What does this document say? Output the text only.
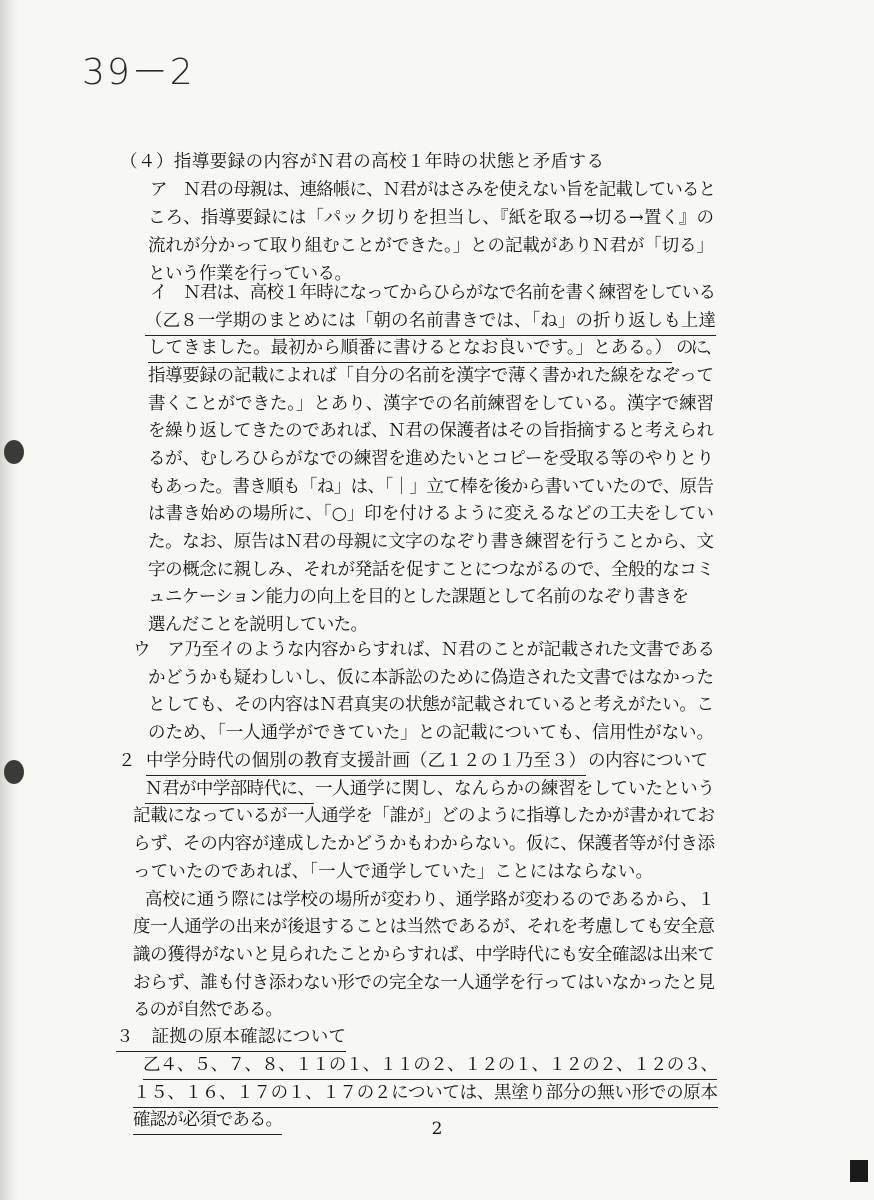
39－2

（４）指導要録の内容がＮ君の高校１年時の状態と矛盾する

ア　Ｎ君の母親は、連絡帳に、Ｎ君がはさみを使えない旨を記載していると

ころ、指導要録には「パック切りを担当し、『紙を取る→切る→置く』の

流れが分かって取り組むことができた。」との記載がありＮ君が「切る」

という作業を行っている。

イ　Ｎ君は、高校１年時になってからひらがなで名前を書く練習をしている

（乙８一学期のまとめには「朝の名前書きでは、「ね」の折り返しも上達

してきました。最初から順番に書けるとなお良いです。」とある。） のに、

指導要録の記載によれば「自分の名前を漢字で薄く書かれた線をなぞって

書くことができた。」とあり、漢字での名前練習をしている。漢字で練習

を繰り返してきたのであれば、Ｎ君の保護者はその旨指摘すると考えられ

るが、むしろひらがなでの練習を進めたいとコピーを受取る等のやりとり

もあった。書き順も「ね」は、「｜」立て棒を後から書いていたので、原告

は書き始めの場所に、「○」印を付けるように変えるなどの工夫をしてい

た。なお、原告はＮ君の母親に文字のなぞり書き練習を行うことから、文

字の概念に親しみ、それが発話を促すことにつながるので、全般的なコミ

ュニケーション能力の向上を目的とした課題として名前のなぞり書きを

選んだことを説明していた。

ウ　ア乃至イのような内容からすれば、Ｎ君のことが記載された文書である

かどうかも疑わしいし、仮に本訴訟のために偽造された文書ではなかった

としても、その内容はＮ君真実の状態が記載されていると考えがたい。こ

のため、「一人通学ができていた」との記載についても、信用性がない。

２ 中学分時代の個別の教育支援計画（乙１２の１乃至３） の内容について

Ｎ君が中学部時代に、 一人通学に関し、なんらかの練習をしていたという

記載になっているが一人通学を「誰が」どのように指導したかが書かれてお

らず、その内容が達成したかどうかもわからない。仮に、保護者等が付き添

っていたのであれば、「一人で通学していた」ことにはならない。

高校に通う際には学校の場所が変わり、通学路が変わるのであるから、１

度一人通学の出来が後退することは当然であるが、それを考慮しても安全意

識の獲得がないと見られたことからすれば、中学時代にも安全確認は出来て

おらず、誰も付き添わない形での完全な一人通学を行ってはいなかったと見

るのが自然である。

３　証拠の原本確認について

乙４、５、７、８、１１の１、１１の２、１２の１、１２の２、１２の３、

１５、１６、１７の１、１７の２については、黒塗り部分の無い形での原本

確認が必須である。	2
